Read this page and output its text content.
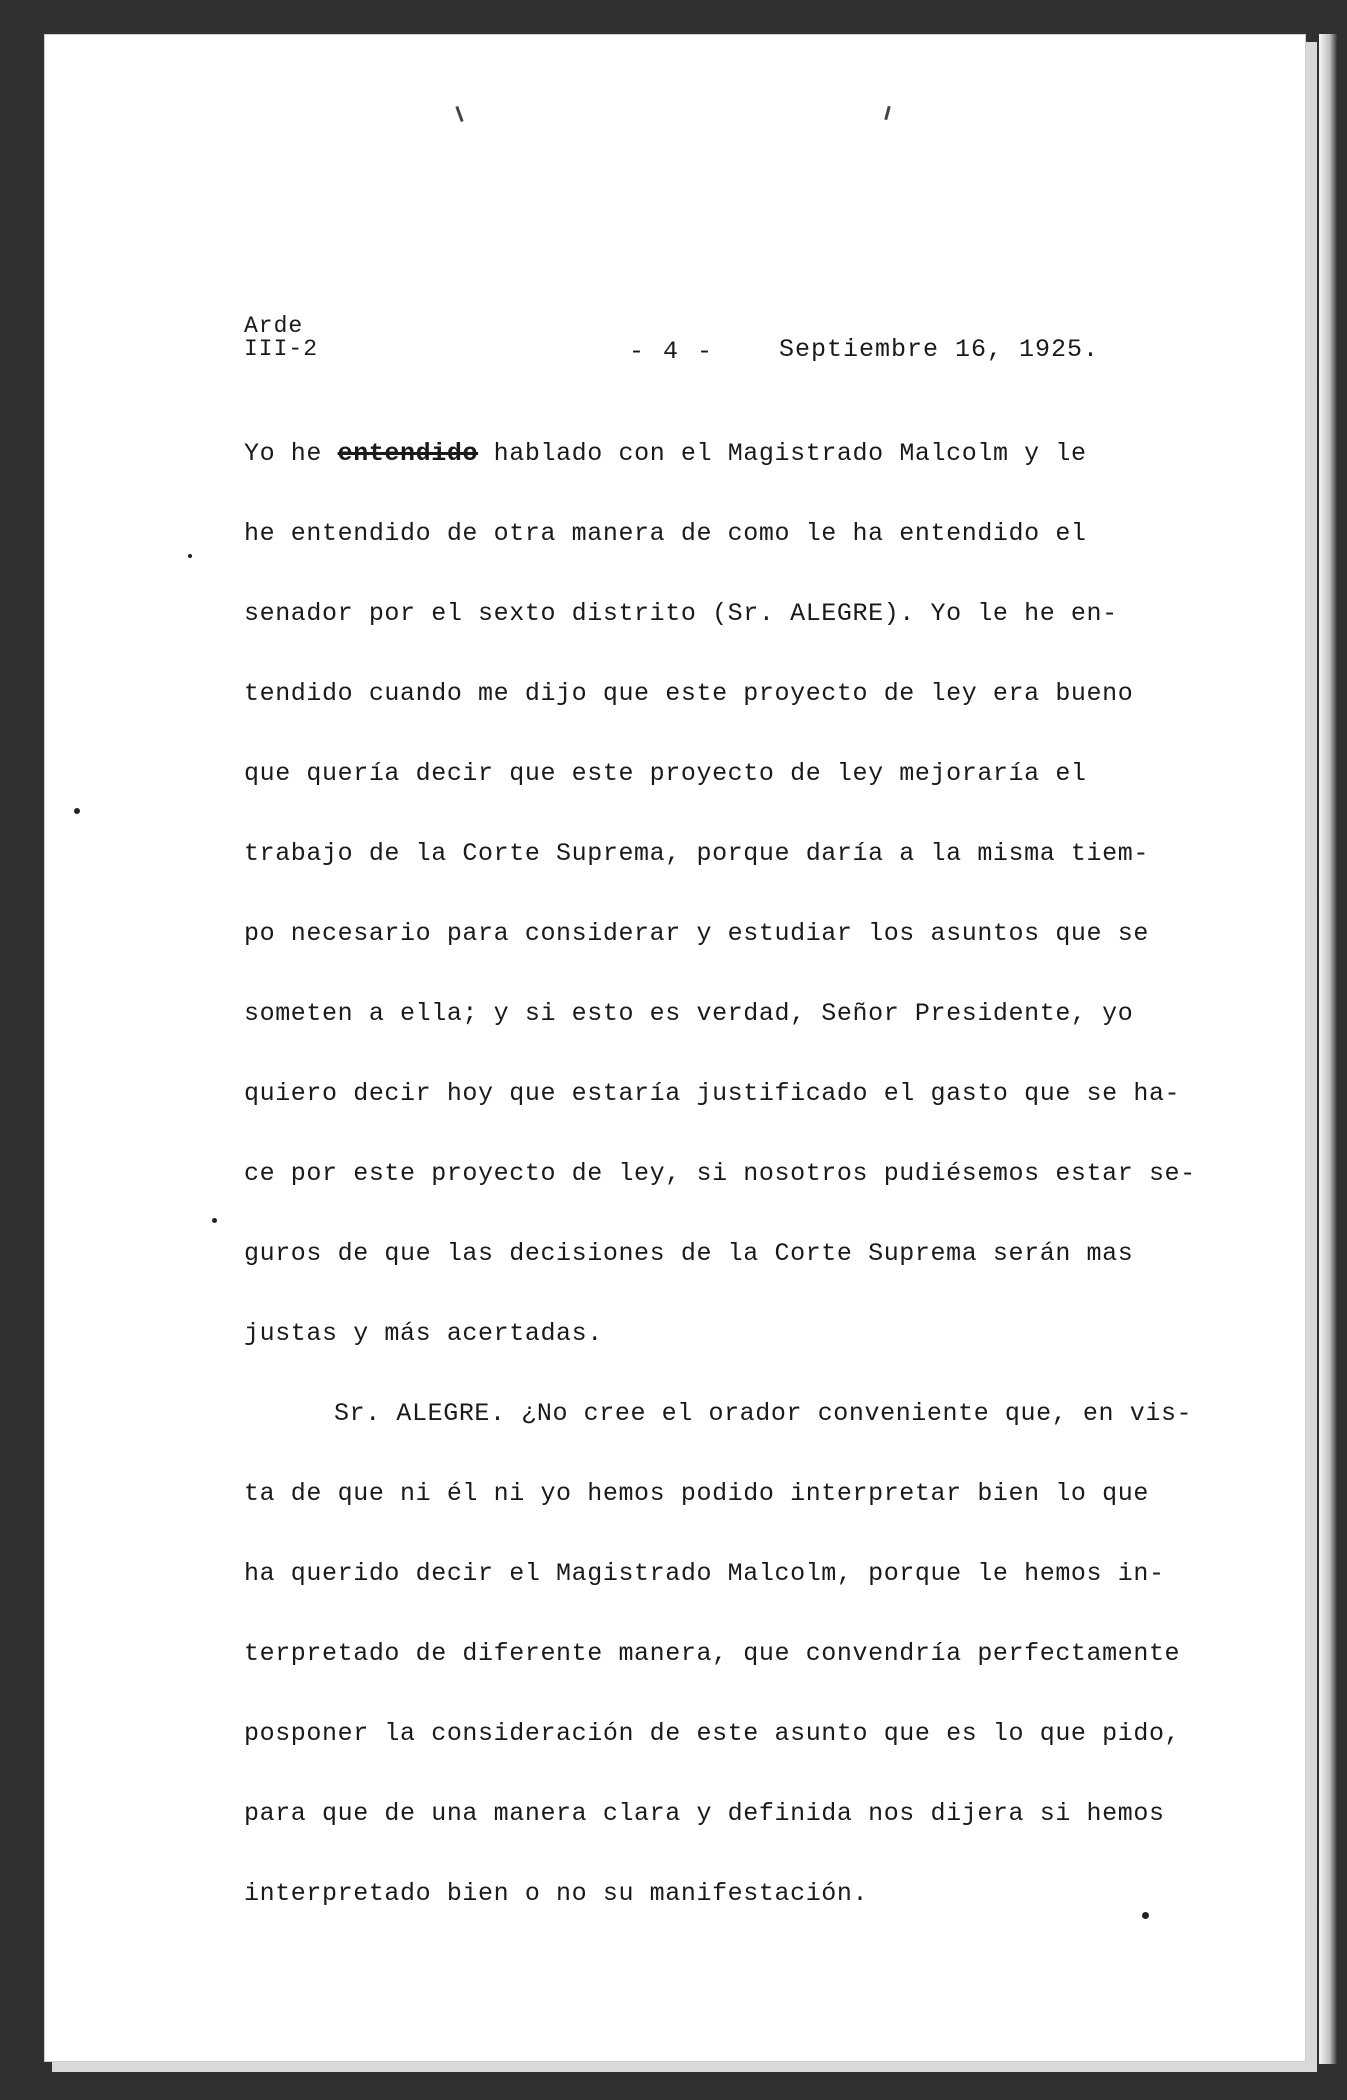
Arde
III-2	- 4 -	Septiembre 16, 1925.
Yo he entendido hablado con el Magistrado Malcolm y le
he entendido de otra manera de como le ha entendido el
senador por el sexto distrito (Sr. ALEGRE). Yo le he en-
tendido cuando me dijo que este proyecto de ley era bueno
que quería decir que este proyecto de ley mejoraría el
trabajo de la Corte Suprema, porque daría a la misma tiem-
po necesario para considerar y estudiar los asuntos que se
someten a ella; y si esto es verdad, Señor Presidente, yo
quiero decir hoy que estaría justificado el gasto que se ha-
ce por este proyecto de ley, si nosotros pudiésemos estar se-
guros de que las decisiones de la Corte Suprema serán mas
justas y más acertadas.
Sr. ALEGRE. ¿No cree el orador conveniente que, en vis-
ta de que ni él ni yo hemos podido interpretar bien lo que
ha querido decir el Magistrado Malcolm, porque le hemos in-
terpretado de diferente manera, que convendría perfectamente
posponer la consideración de este asunto que es lo que pido,
para que de una manera clara y definida nos dijera si hemos
interpretado bien o no su manifestación.
